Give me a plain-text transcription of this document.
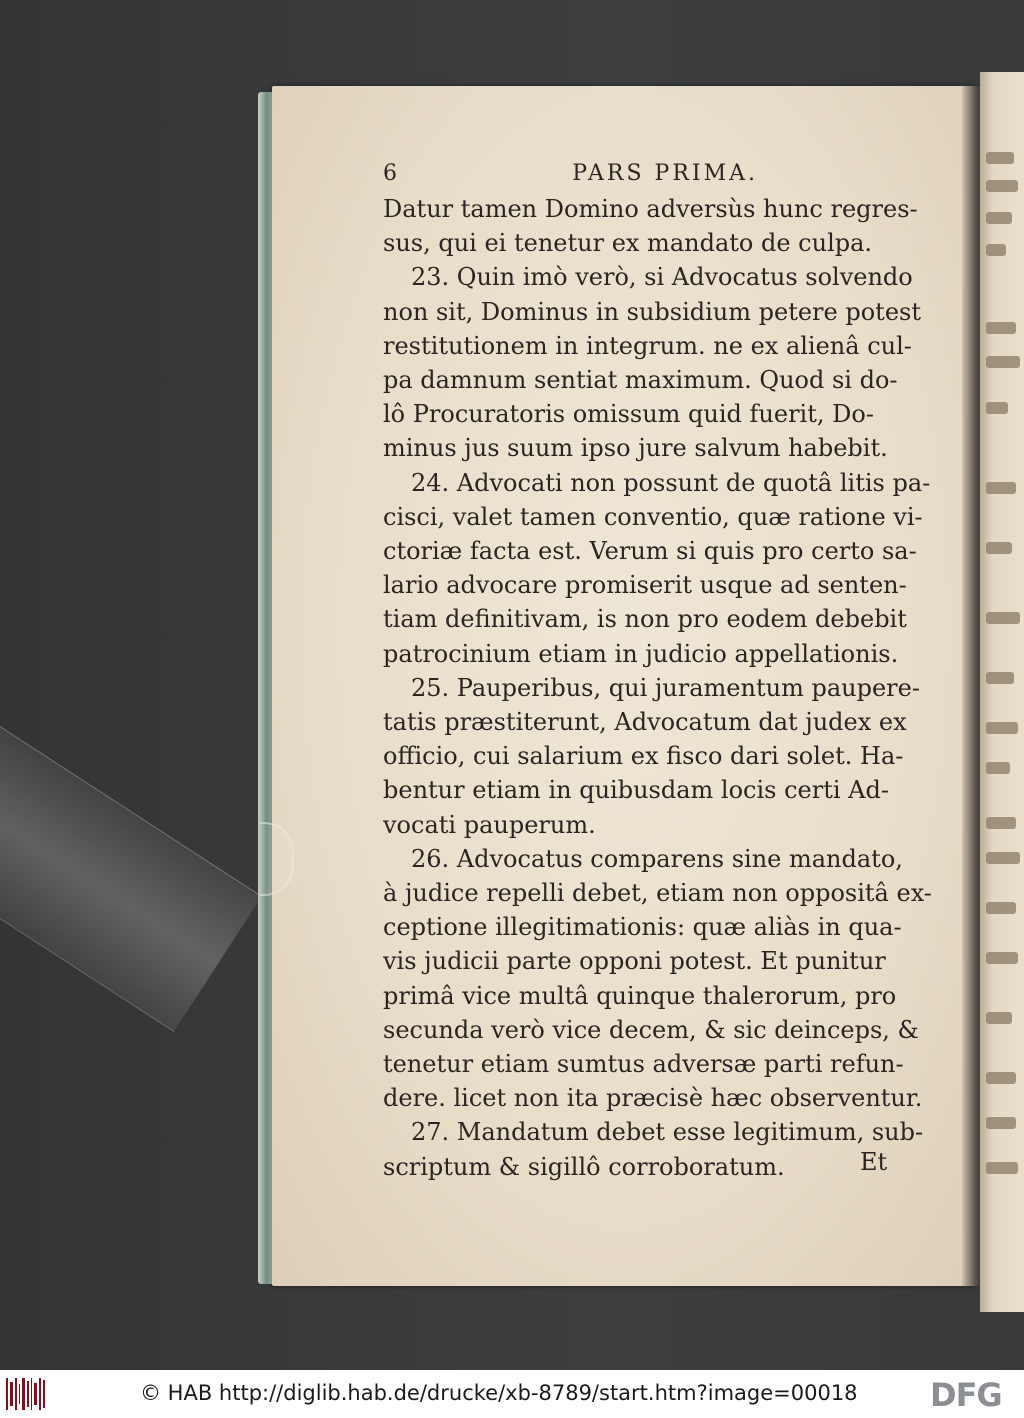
6	PARS PRIMA.
Datur tamen Domino adversùs hunc regres-
sus, qui ei tenetur ex mandato de culpa.
23. Quin imò verò, si Advocatus solvendo
non sit, Dominus in subsidium petere potest
restitutionem in integrum. ne ex alienâ cul-
pa damnum sentiat maximum. Quod si do-
lô Procuratoris omissum quid fuerit, Do-
minus jus suum ipso jure salvum habebit.
24. Advocati non possunt de quotâ litis pa-
cisci, valet tamen conventio, quæ ratione vi-
ctoriæ facta est. Verum si quis pro certo sa-
lario advocare promiserit usque ad senten-
tiam definitivam, is non pro eodem debebit
patrocinium etiam in judicio appellationis.
25. Pauperibus, qui juramentum paupere-
tatis præstiterunt, Advocatum dat judex ex
officio, cui salarium ex fisco dari solet. Ha-
bentur etiam in quibusdam locis certi Ad-
vocati pauperum.
26. Advocatus comparens sine mandato,
à judice repelli debet, etiam non oppositâ ex-
ceptione illegitimationis: quæ aliàs in qua-
vis judicii parte opponi potest. Et punitur
primâ vice multâ quinque thalerorum, pro
secunda verò vice decem, & sic deinceps, &
tenetur etiam sumtus adversæ parti refun-
dere. licet non ita præcisè hæc observentur.
27. Mandatum debet esse legitimum, sub-
scriptum & sigillô corroboratum.	Et
© HAB http://diglib.hab.de/drucke/xb-8789/start.htm?image=00018 DFG
